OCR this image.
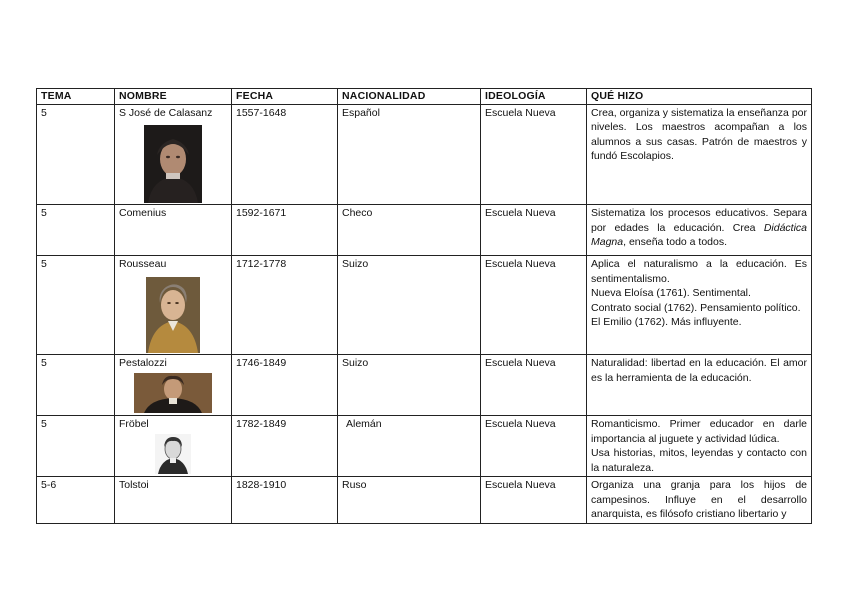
TEMA	NOMBRE	FECHA	NACIONALIDAD	IDEOLOGÍA	QUÉ HIZO
5	S José de Calasanz	1557-1648	Español	Escuela Nueva	Crea, organiza y sistematiza la enseñanza por niveles. Los maestros acompañan a los alumnos a sus casas. Patrón de maestros y fundó Escolapios.
5	Comenius	1592-1671	Checo	Escuela Nueva	Sistematiza los procesos educativos. Separa por edades la educación. Crea Didáctica Magna, enseña todo a todos.
5	Rousseau	1712-1778	Suizo	Escuela Nueva	Aplica el naturalismo a la educación. Es sentimentalismo.
Nueva Eloísa (1761). Sentimental.
Contrato social (1762). Pensamiento político.
El Emilio (1762). Más influyente.

5	Pestalozzi	1746-1849	Suizo	Escuela Nueva	Naturalidad: libertad en la educación. El amor es la herramienta de la educación.
5	Fröbel	1782-1849	Alemán	Escuela Nueva	Romanticismo. Primer educador en darle importancia al juguete y actividad lúdica.
Usa historias, mitos, leyendas y contacto con la naturaleza.

5-6	Tolstoi	1828-1910	Ruso	Escuela Nueva	Organiza una granja para los hijos de campesinos. Influye en el desarrollo anarquista, es filósofo cristiano libertario y
